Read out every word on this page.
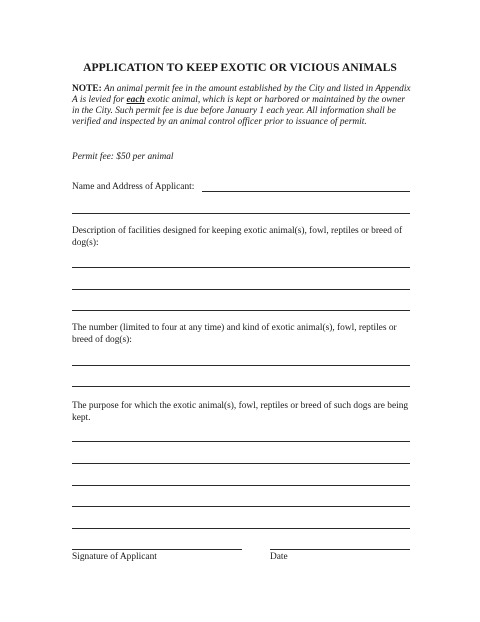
APPLICATION TO KEEP EXOTIC OR VICIOUS ANIMALS
NOTE: An animal permit fee in the amount established by the City and listed in Appendix A is levied for each exotic animal, which is kept or harbored or maintained by the owner in the City. Such permit fee is due before January 1 each year. All information shall be verified and inspected by an animal control officer prior to issuance of permit.
Permit fee: $50 per animal
Name and Address of Applicant:
Description of facilities designed for keeping exotic animal(s), fowl, reptiles or breed of dog(s):
The number (limited to four at any time) and kind of exotic animal(s), fowl, reptiles or breed of dog(s):
The purpose for which the exotic animal(s), fowl, reptiles or breed of such dogs are being kept.
Signature of Applicant	Date
